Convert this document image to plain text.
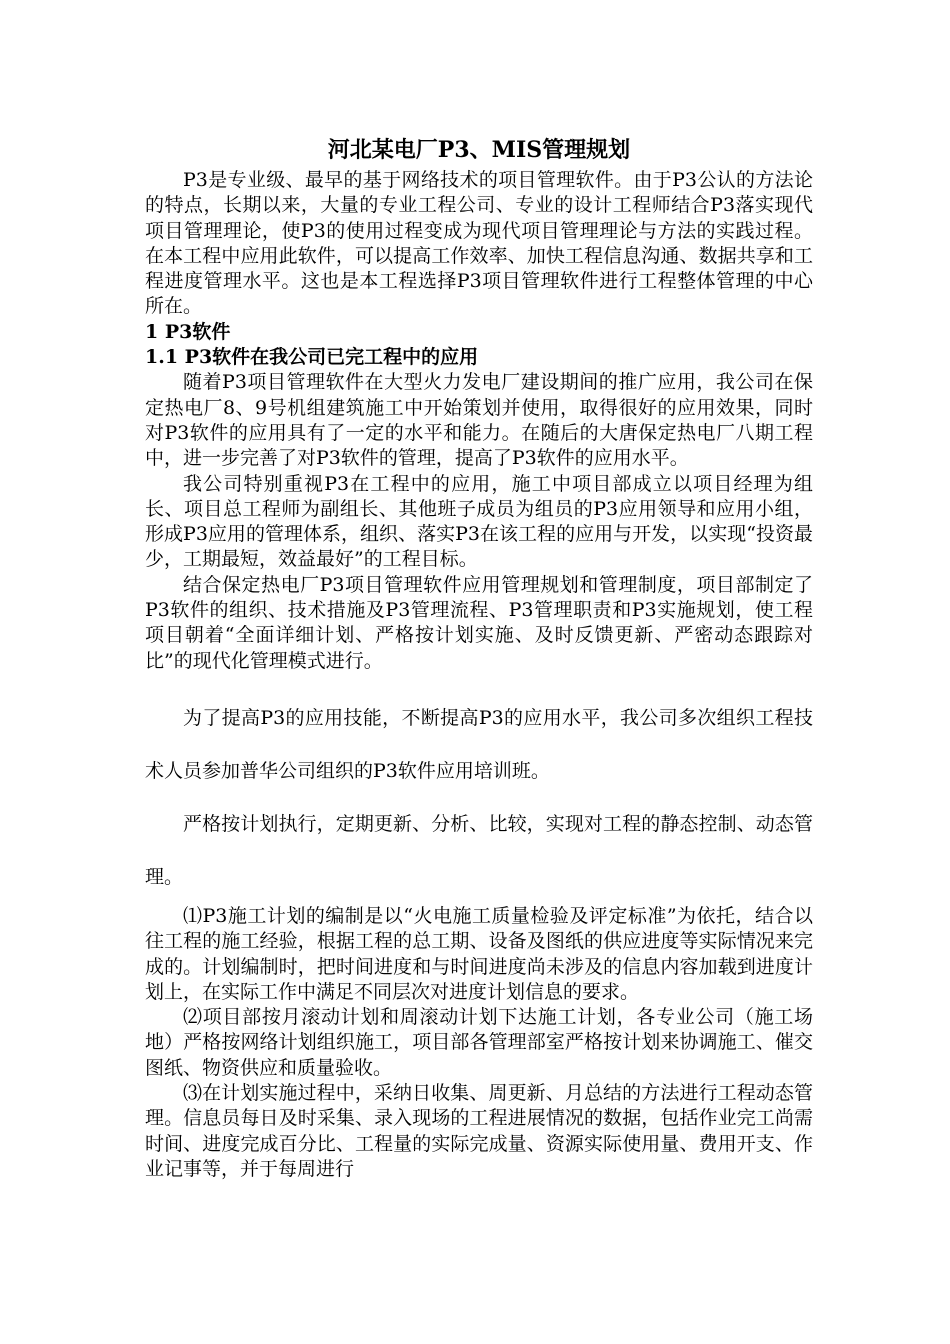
河北某电厂P3、MIS管理规划

P3是专业级、最早的基于网络技术的项目管理软件。由于P3公认的方法论的特点，长期以来，大量的专业工程公司、专业的设计工程师结合P3落实现代项目管理理论，使P3的使用过程变成为现代项目管理理论与方法的实践过程。在本工程中应用此软件，可以提高工作效率、加快工程信息沟通、数据共享和工程进度管理水平。这也是本工程选择P3项目管理软件进行工程整体管理的中心所在。

1 P3软件
1.1 P3软件在我公司已完工程中的应用

随着P3项目管理软件在大型火力发电厂建设期间的推广应用，我公司在保定热电厂8、9号机组建筑施工中开始策划并使用，取得很好的应用效果，同时对P3软件的应用具有了一定的水平和能力。在随后的大唐保定热电厂八期工程中，进一步完善了对P3软件的管理，提高了P3软件的应用水平。

我公司特别重视P3在工程中的应用，施工中项目部成立以项目经理为组长、项目总工程师为副组长、其他班子成员为组员的P3应用领导和应用小组，形成P3应用的管理体系，组织、落实P3在该工程的应用与开发，以实现“投资最少，工期最短，效益最好”的工程目标。

结合保定热电厂P3项目管理软件应用管理规划和管理制度，项目部制定了P3软件的组织、技术措施及P3管理流程、P3管理职责和P3实施规划，使工程项目朝着“全面详细计划、严格按计划实施、及时反馈更新、严密动态跟踪对比”的现代化管理模式进行。

为了提高P3的应用技能，不断提高P3的应用水平，我公司多次组织工程技术人员参加普华公司组织的P3软件应用培训班。

严格按计划执行，定期更新、分析、比较，实现对工程的静态控制、动态管理。

⑴P3施工计划的编制是以“火电施工质量检验及评定标准”为依托，结合以往工程的施工经验，根据工程的总工期、设备及图纸的供应进度等实际情况来完成的。计划编制时，把时间进度和与时间进度尚未涉及的信息内容加载到进度计划上，在实际工作中满足不同层次对进度计划信息的要求。

⑵项目部按月滚动计划和周滚动计划下达施工计划，各专业公司（施工场地）严格按网络计划组织施工，项目部各管理部室严格按计划来协调施工、催交图纸、物资供应和质量验收。

⑶在计划实施过程中，采纳日收集、周更新、月总结的方法进行工程动态管理。信息员每日及时采集、录入现场的工程进展情况的数据，包括作业完工尚需时间、进度完成百分比、工程量的实际完成量、资源实际使用量、费用开支、作业记事等，并于每周进行
